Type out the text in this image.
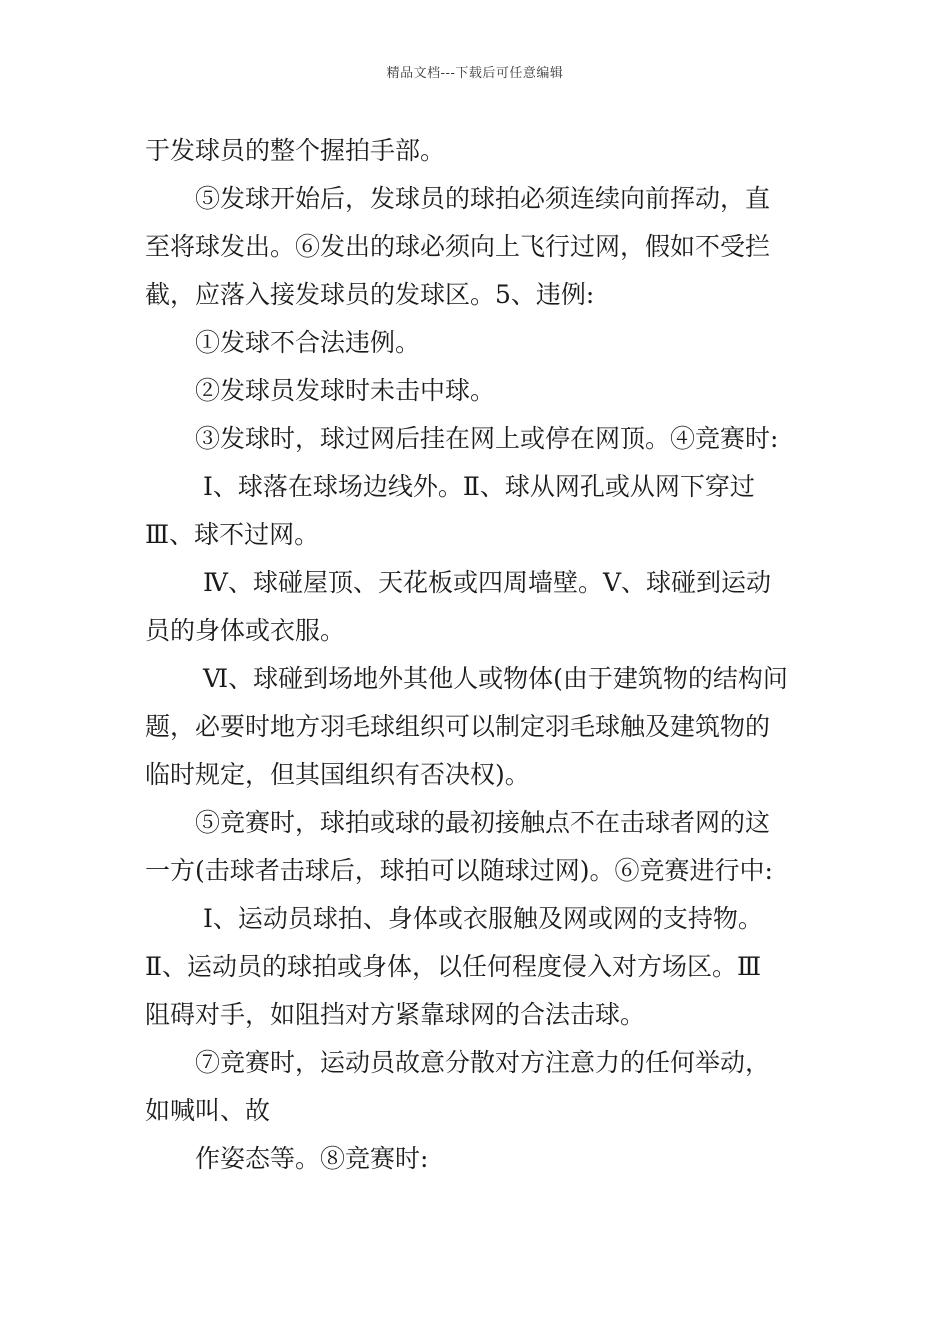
精品文档---下载后可任意编辑
于发球员的整个握拍手部。
⑤发球开始后，发球员的球拍必须连续向前挥动，直
至将球发出。⑥发出的球必须向上飞行过网，假如不受拦
截，应落入接发球员的发球区。5、违例:
①发球不合法违例。
②发球员发球时未击中球。
③发球时，球过网后挂在网上或停在网顶。④竞赛时:
Ⅰ、球落在球场边线外。Ⅱ、球从网孔或从网下穿过
Ⅲ、球不过网。
Ⅳ、球碰屋顶、天花板或四周墙壁。Ⅴ、球碰到运动
员的身体或衣服。
Ⅵ、球碰到场地外其他人或物体(由于建筑物的结构问
题，必要时地方羽毛球组织可以制定羽毛球触及建筑物的
临时规定，但其国组织有否决权)。
⑤竞赛时，球拍或球的最初接触点不在击球者网的这
一方(击球者击球后，球拍可以随球过网)。⑥竞赛进行中:
Ⅰ、运动员球拍、身体或衣服触及网或网的支持物。
Ⅱ、运动员的球拍或身体，以任何程度侵入对方场区。Ⅲ
阻碍对手，如阻挡对方紧靠球网的合法击球。
⑦竞赛时，运动员故意分散对方注意力的任何举动，
如喊叫、故
作姿态等。⑧竞赛时:
